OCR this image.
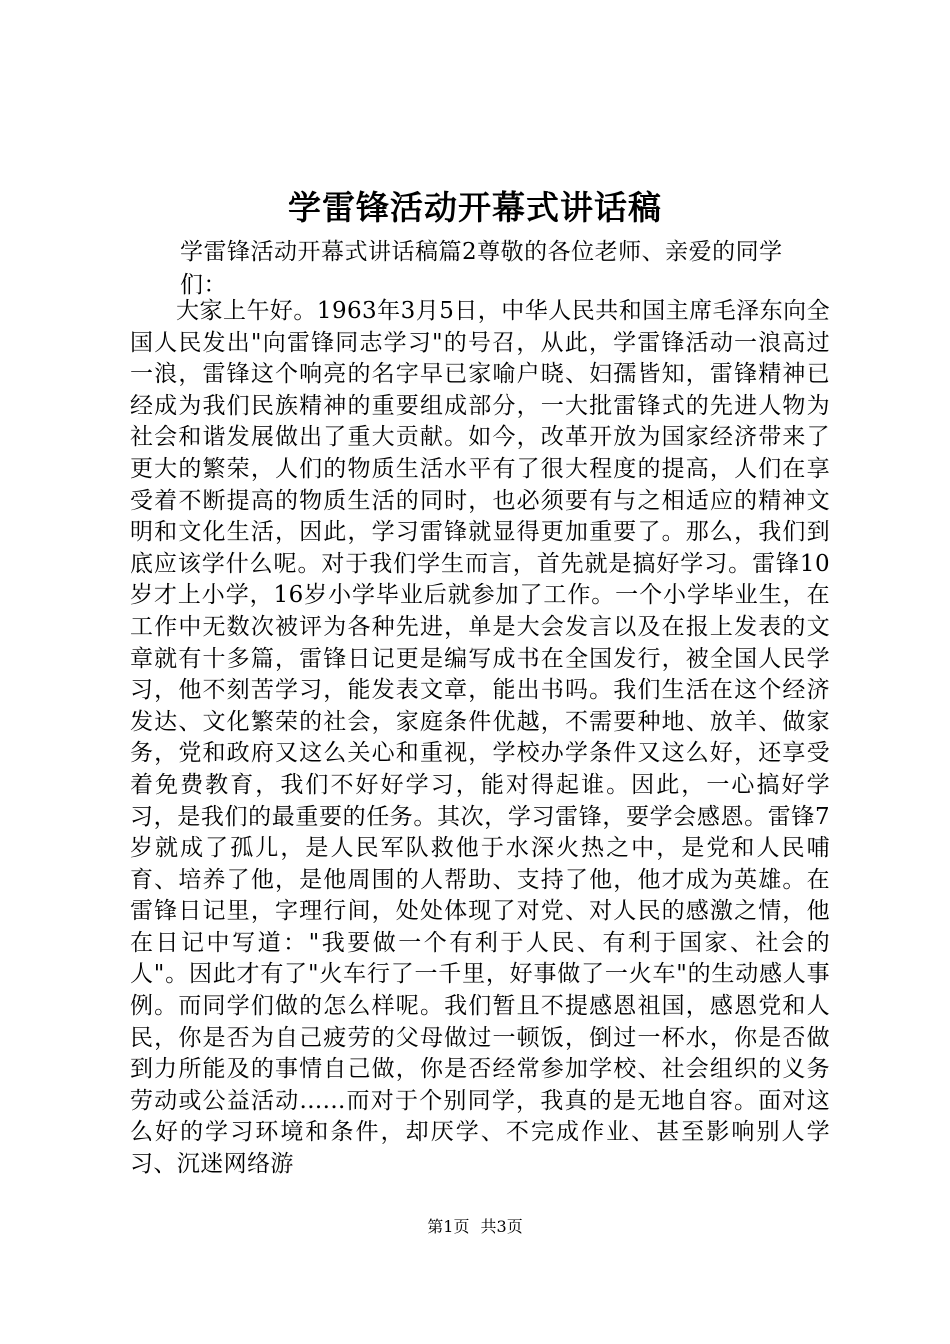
学雷锋活动开幕式讲话稿

学雷锋活动开幕式讲话稿篇2尊敬的各位老师、亲爱的同学们：

大家上午好。1963年3月5日，中华人民共和国主席毛泽东向全国人民发出"向雷锋同志学习"的号召，从此，学雷锋活动一浪高过一浪，雷锋这个响亮的名字早已家喻户晓、妇孺皆知，雷锋精神已经成为我们民族精神的重要组成部分，一大批雷锋式的先进人物为社会和谐发展做出了重大贡献。如今，改革开放为国家经济带来了更大的繁荣，人们的物质生活水平有了很大程度的提高，人们在享受着不断提高的物质生活的同时，也必须要有与之相适应的精神文明和文化生活，因此，学习雷锋就显得更加重要了。那么，我们到底应该学什么呢。对于我们学生而言，首先就是搞好学习。雷锋10岁才上小学，16岁小学毕业后就参加了工作。一个小学毕业生，在工作中无数次被评为各种先进，单是大会发言以及在报上发表的文章就有十多篇，雷锋日记更是编写成书在全国发行，被全国人民学习，他不刻苦学习，能发表文章，能出书吗。我们生活在这个经济发达、文化繁荣的社会，家庭条件优越，不需要种地、放羊、做家务，党和政府又这么关心和重视，学校办学条件又这么好，还享受着免费教育，我们不好好学习，能对得起谁。因此，一心搞好学习，是我们的最重要的任务。其次，学习雷锋，要学会感恩。雷锋7岁就成了孤儿，是人民军队救他于水深火热之中，是党和人民哺育、培养了他，是他周围的人帮助、支持了他，他才成为英雄。在雷锋日记里，字理行间，处处体现了对党、对人民的感激之情，他在日记中写道："我要做一个有利于人民、有利于国家、社会的人"。因此才有了"火车行了一千里，好事做了一火车"的生动感人事例。而同学们做的怎么样呢。我们暂且不提感恩祖国，感恩党和人民，你是否为自己疲劳的父母做过一顿饭，倒过一杯水，你是否做到力所能及的事情自己做，你是否经常参加学校、社会组织的义务劳动或公益活动......而对于个别同学，我真的是无地自容。面对这么好的学习环境和条件，却厌学、不完成作业、甚至影响别人学习、沉迷网络游

第1页 共3页
